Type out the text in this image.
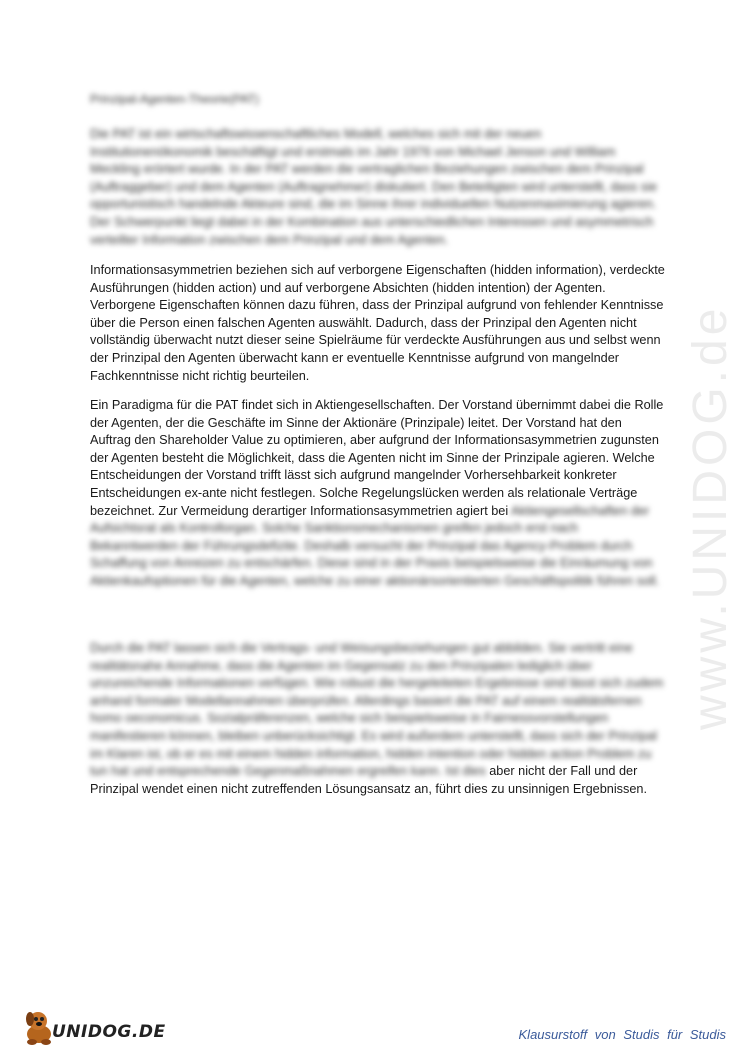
Prinzipal-Agenten-Theorie(PAT)

Die PAT ist ein wirtschaftswissenschaftliches Modell, welches sich mit der neuen Institutionenökonomik beschäftigt und erstmals im Jahr 1976 von Michael Jenson und William Meckling erörtert wurde. In der PAT werden die vertraglichen Beziehungen zwischen dem Prinzipal (Auftraggeber) und dem Agenten (Auftragnehmer) diskutiert. Den Beteiligten wird unterstellt, dass sie opportunistisch handelnde Akteure sind, die im Sinne ihrer individuellen Nutzenmaximierung agieren. Der Schwerpunkt liegt dabei in der Kombination aus unterschiedlichen Interessen und asymmetrisch verteilter Information zwischen dem Prinzipal und dem Agenten.

Informationsasymmetrien beziehen sich auf verborgene Eigenschaften (hidden information), verdeckte Ausführungen (hidden action) und auf verborgene Absichten (hidden intention) der Agenten. Verborgene Eigenschaften können dazu führen, dass der Prinzipal aufgrund von fehlender Kenntnisse über die Person einen falschen Agenten auswählt. Dadurch, dass der Prinzipal den Agenten nicht vollständig überwacht nutzt dieser seine Spielräume für verdeckte Ausführungen aus und selbst wenn der Prinzipal den Agenten überwacht kann er eventuelle Kenntnisse aufgrund von mangelnder Fachkenntnisse nicht richtig beurteilen.

Ein Paradigma für die PAT findet sich in Aktiengesellschaften. Der Vorstand übernimmt dabei die Rolle der Agenten, der die Geschäfte im Sinne der Aktionäre (Prinzipale) leitet. Der Vorstand hat den Auftrag den Shareholder Value zu optimieren, aber aufgrund der Informationsasymmetrien zugunsten der Agenten besteht die Möglichkeit, dass die Agenten nicht im Sinne der Prinzipale agieren. Welche Entscheidungen der Vorstand trifft lässt sich aufgrund mangelnder Vorhersehbarkeit konkreter Entscheidungen ex-ante nicht festlegen. Solche Regelungslücken werden als relationale Verträge bezeichnet. Zur Vermeidung derartiger Informationsasymmetrien agiert bei Aktiengesellschaften der Aufsichtsrat als Kontrollorgan. Solche Sanktionsmechanismen greifen jedoch erst nach Bekanntwerden der Führungsdefizite. Deshalb versucht der Prinzipal das Agency-Problem durch Schaffung von Anreizen zu entschärfen. Diese sind in der Praxis beispielsweise die Einräumung von Aktienkaufoptionen für die Agenten, welche zu einer aktionärsorientierten Geschäftspolitik führen soll.

Durch die PAT lassen sich die Vertrags- und Weisungsbeziehungen gut abbilden. Sie vertritt eine realitätsnahe Annahme, dass die Agenten im Gegensatz zu den Prinzipalen lediglich über unzureichende Informationen verfügen. Wie robust die hergeleiteten Ergebnisse sind lässt sich zudem anhand formaler Modellannahmen überprüfen. Allerdings basiert die PAT auf einem realitätsfernen homo oeconomicus. Sozialpräferenzen, welche sich beispielsweise in Fairnessvorstellungen manifestieren können, bleiben unberücksichtigt. Es wird außerdem unterstellt, dass sich der Prinzipal im Klaren ist, ob er es mit einem hidden information, hidden intention oder hidden action Problem zu tun hat und entsprechende Gegenmaßnahmen ergreifen kann. Ist dies aber nicht der Fall und der Prinzipal wendet einen nicht zutreffenden Lösungsansatz an, führt dies zu unsinnigen Ergebnissen.

www.UNIDOG.de
UNIDOG.DE	Klausurstoff von Studis für Studis
